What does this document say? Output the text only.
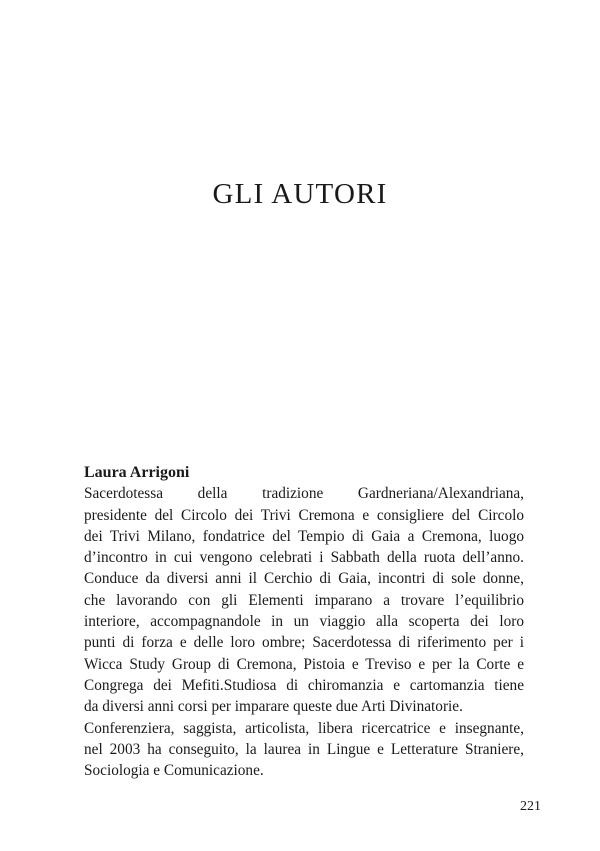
GLI AUTORI

Laura Arrigoni

Sacerdotessa della tradizione Gardneriana/Alexandriana,
presidente del Circolo dei Trivi Cremona e consigliere del Circolo
dei Trivi Milano, fondatrice del Tempio di Gaia a Cremona, luogo
d’incontro in cui vengono celebrati i Sabbath della ruota dell’anno.
Conduce da diversi anni il Cerchio di Gaia, incontri di sole donne,
che lavorando con gli Elementi imparano a trovare l’equilibrio
interiore, accompagnandole in un viaggio alla scoperta dei loro
punti di forza e delle loro ombre; Sacerdotessa di riferimento per i
Wicca Study Group di Cremona, Pistoia e Treviso e per la Corte e
Congrega dei Mefiti.Studiosa di chiromanzia e cartomanzia tiene
da diversi anni corsi per imparare queste due Arti Divinatorie.
Conferenziera, saggista, articolista, libera ricercatrice e insegnante,
nel 2003 ha conseguito, la laurea in Lingue e Letterature Straniere,
Sociologia e Comunicazione.

221
